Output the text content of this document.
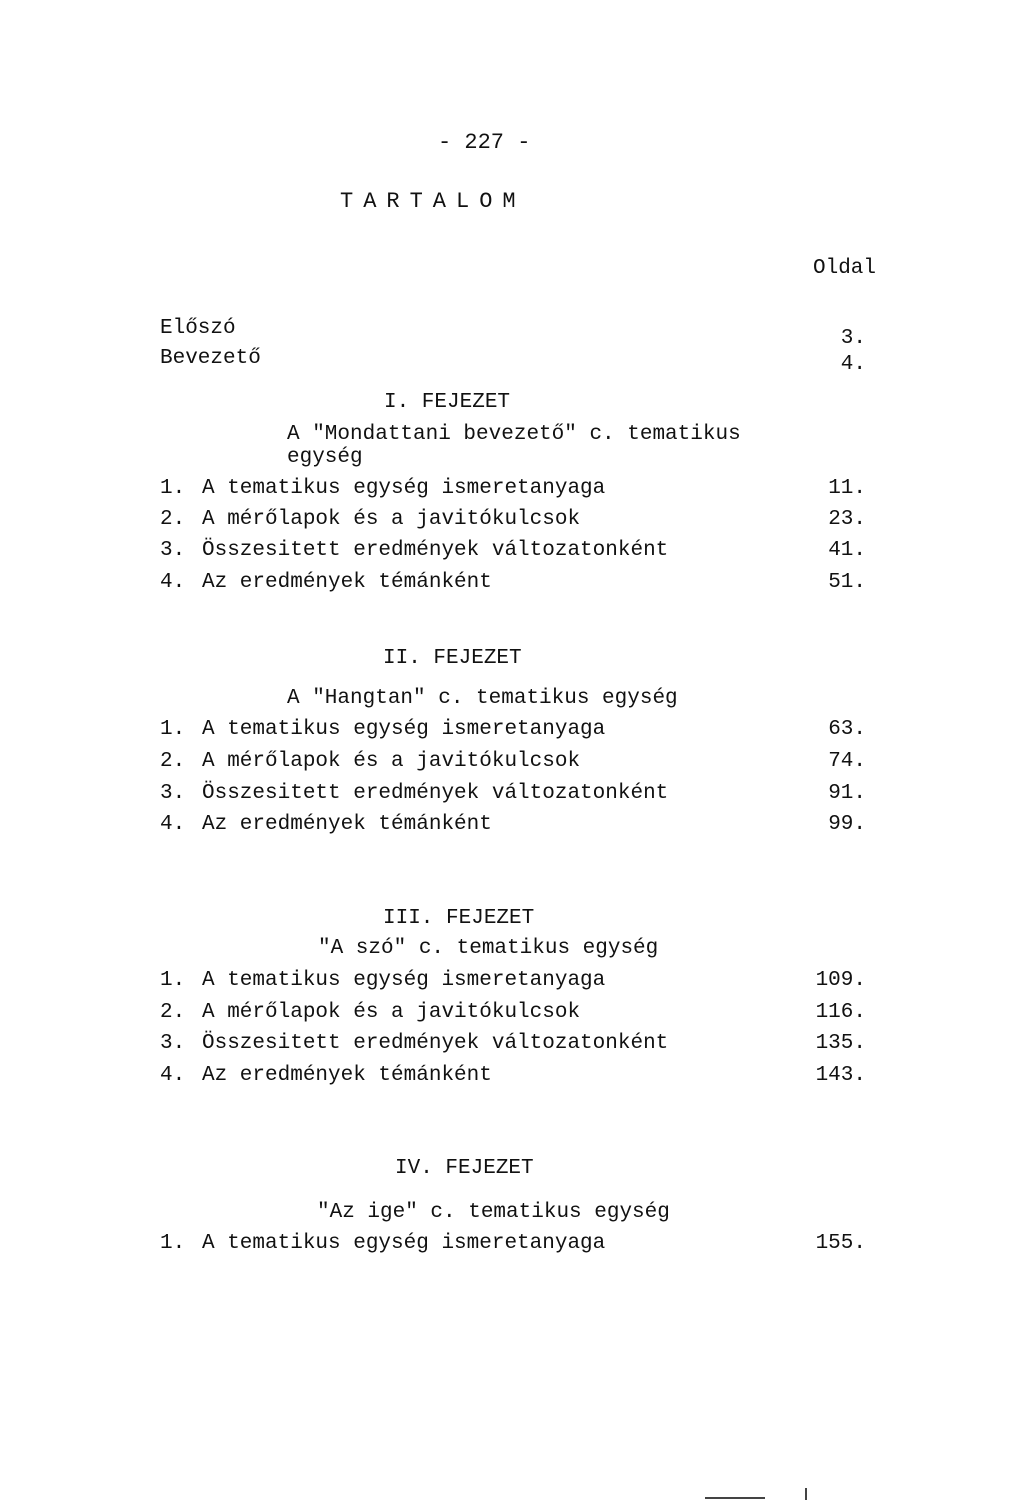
- 227 -
TARTALOM
Oldal
Előszó	3.
Bevezető	4.
I. FEJEZET
A "Mondattani bevezető" c. tematikus
egység
1. A tematikus egység ismeretanyaga	11.
2. A mérőlapok és a javitókulcsok	23.
3. Összesitett eredmények változatonként	41.
4. Az eredmények témánként	51.
II. FEJEZET
A "Hangtan" c. tematikus egység
1. A tematikus egység ismeretanyaga	63.
2. A mérőlapok és a javitókulcsok	74.
3. Összesitett eredmények változatonként	91.
4. Az eredmények témánként	99.
III. FEJEZET
"A szó" c. tematikus egység
1. A tematikus egység ismeretanyaga	109.
2. A mérőlapok és a javitókulcsok	116.
3. Összesitett eredmények változatonként	135.
4. Az eredmények témánként	143.
IV. FEJEZET
"Az ige" c. tematikus egység
1. A tematikus egység ismeretanyaga	155.
